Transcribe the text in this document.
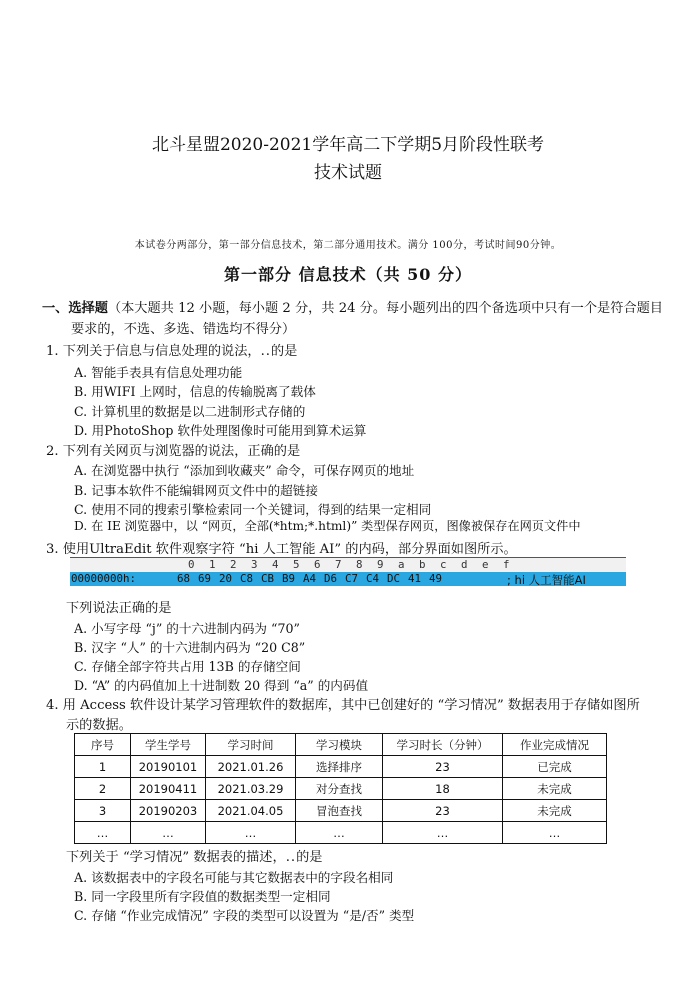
北斗星盟2020-2021学年高二下学期5月阶段性联考
技术试题
本试卷分两部分，第一部分信息技术，第二部分通用技术。满分 100分，考试时间90分钟。
第一部分 信息技术（共 50 分）
一、选择题（本大题共 12 小题，每小题 2 分，共 24 分。每小题列出的四个备选项中只有一个是符合题目
要求的，不选、多选、错选均不得分）
1. 下列关于信息与信息处理的说法，..的是
A. 智能手表具有信息处理功能
B. 用WIFI 上网时，信息的传输脱离了载体
C. 计算机里的数据是以二进制形式存储的
D. 用PhotoShop 软件处理图像时可能用到算术运算
2. 下列有关网页与浏览器的说法，正确的是
A. 在浏览器中执行 “添加到收藏夹” 命令，可保存网页的地址
B. 记事本软件不能编辑网页文件中的超链接
C. 使用不同的搜索引擎检索同一个关键词，得到的结果一定相同
D. 在 IE 浏览器中，以 “网页，全部(*htm;*.html)” 类型保存网页，图像被保存在网页文件中
3. 使用UltraEdit 软件观察字符 “hi 人工智能 AI” 的内码，部分界面如图所示。
0 1 2 3 4 5 6 7 8 9 a b c d e f
00000000h:	68 69 20 C8 CB B9 A4 D6 C7 C4 DC 41 49	; hi 人工智能AI
下列说法正确的是
A. 小写字母 “j” 的十六进制内码为 “70”
B. 汉字 “人” 的十六进制内码为 “20 C8”
C. 存储全部字符共占用 13B 的存储空间
D. “A” 的内码值加上十进制数 20 得到 “a” 的内码值
4. 用 Access 软件设计某学习管理软件的数据库，其中已创建好的 “学习情况” 数据表用于存储如图所
示的数据。
序号	学生学号	学习时间	学习模块	学习时长（分钟）	作业完成情况
1	20190101	2021.01.26	选择排序	23	已完成
2	20190411	2021.03.29	对分查找	18	未完成
3	20190203	2021.04.05	冒泡查找	23	未完成
…	…	…	…	…	…
下列关于 “学习情况” 数据表的描述，..的是
A. 该数据表中的字段名可能与其它数据表中的字段名相同
B. 同一字段里所有字段值的数据类型一定相同
C. 存储 “作业完成情况” 字段的类型可以设置为 “是/否” 类型
